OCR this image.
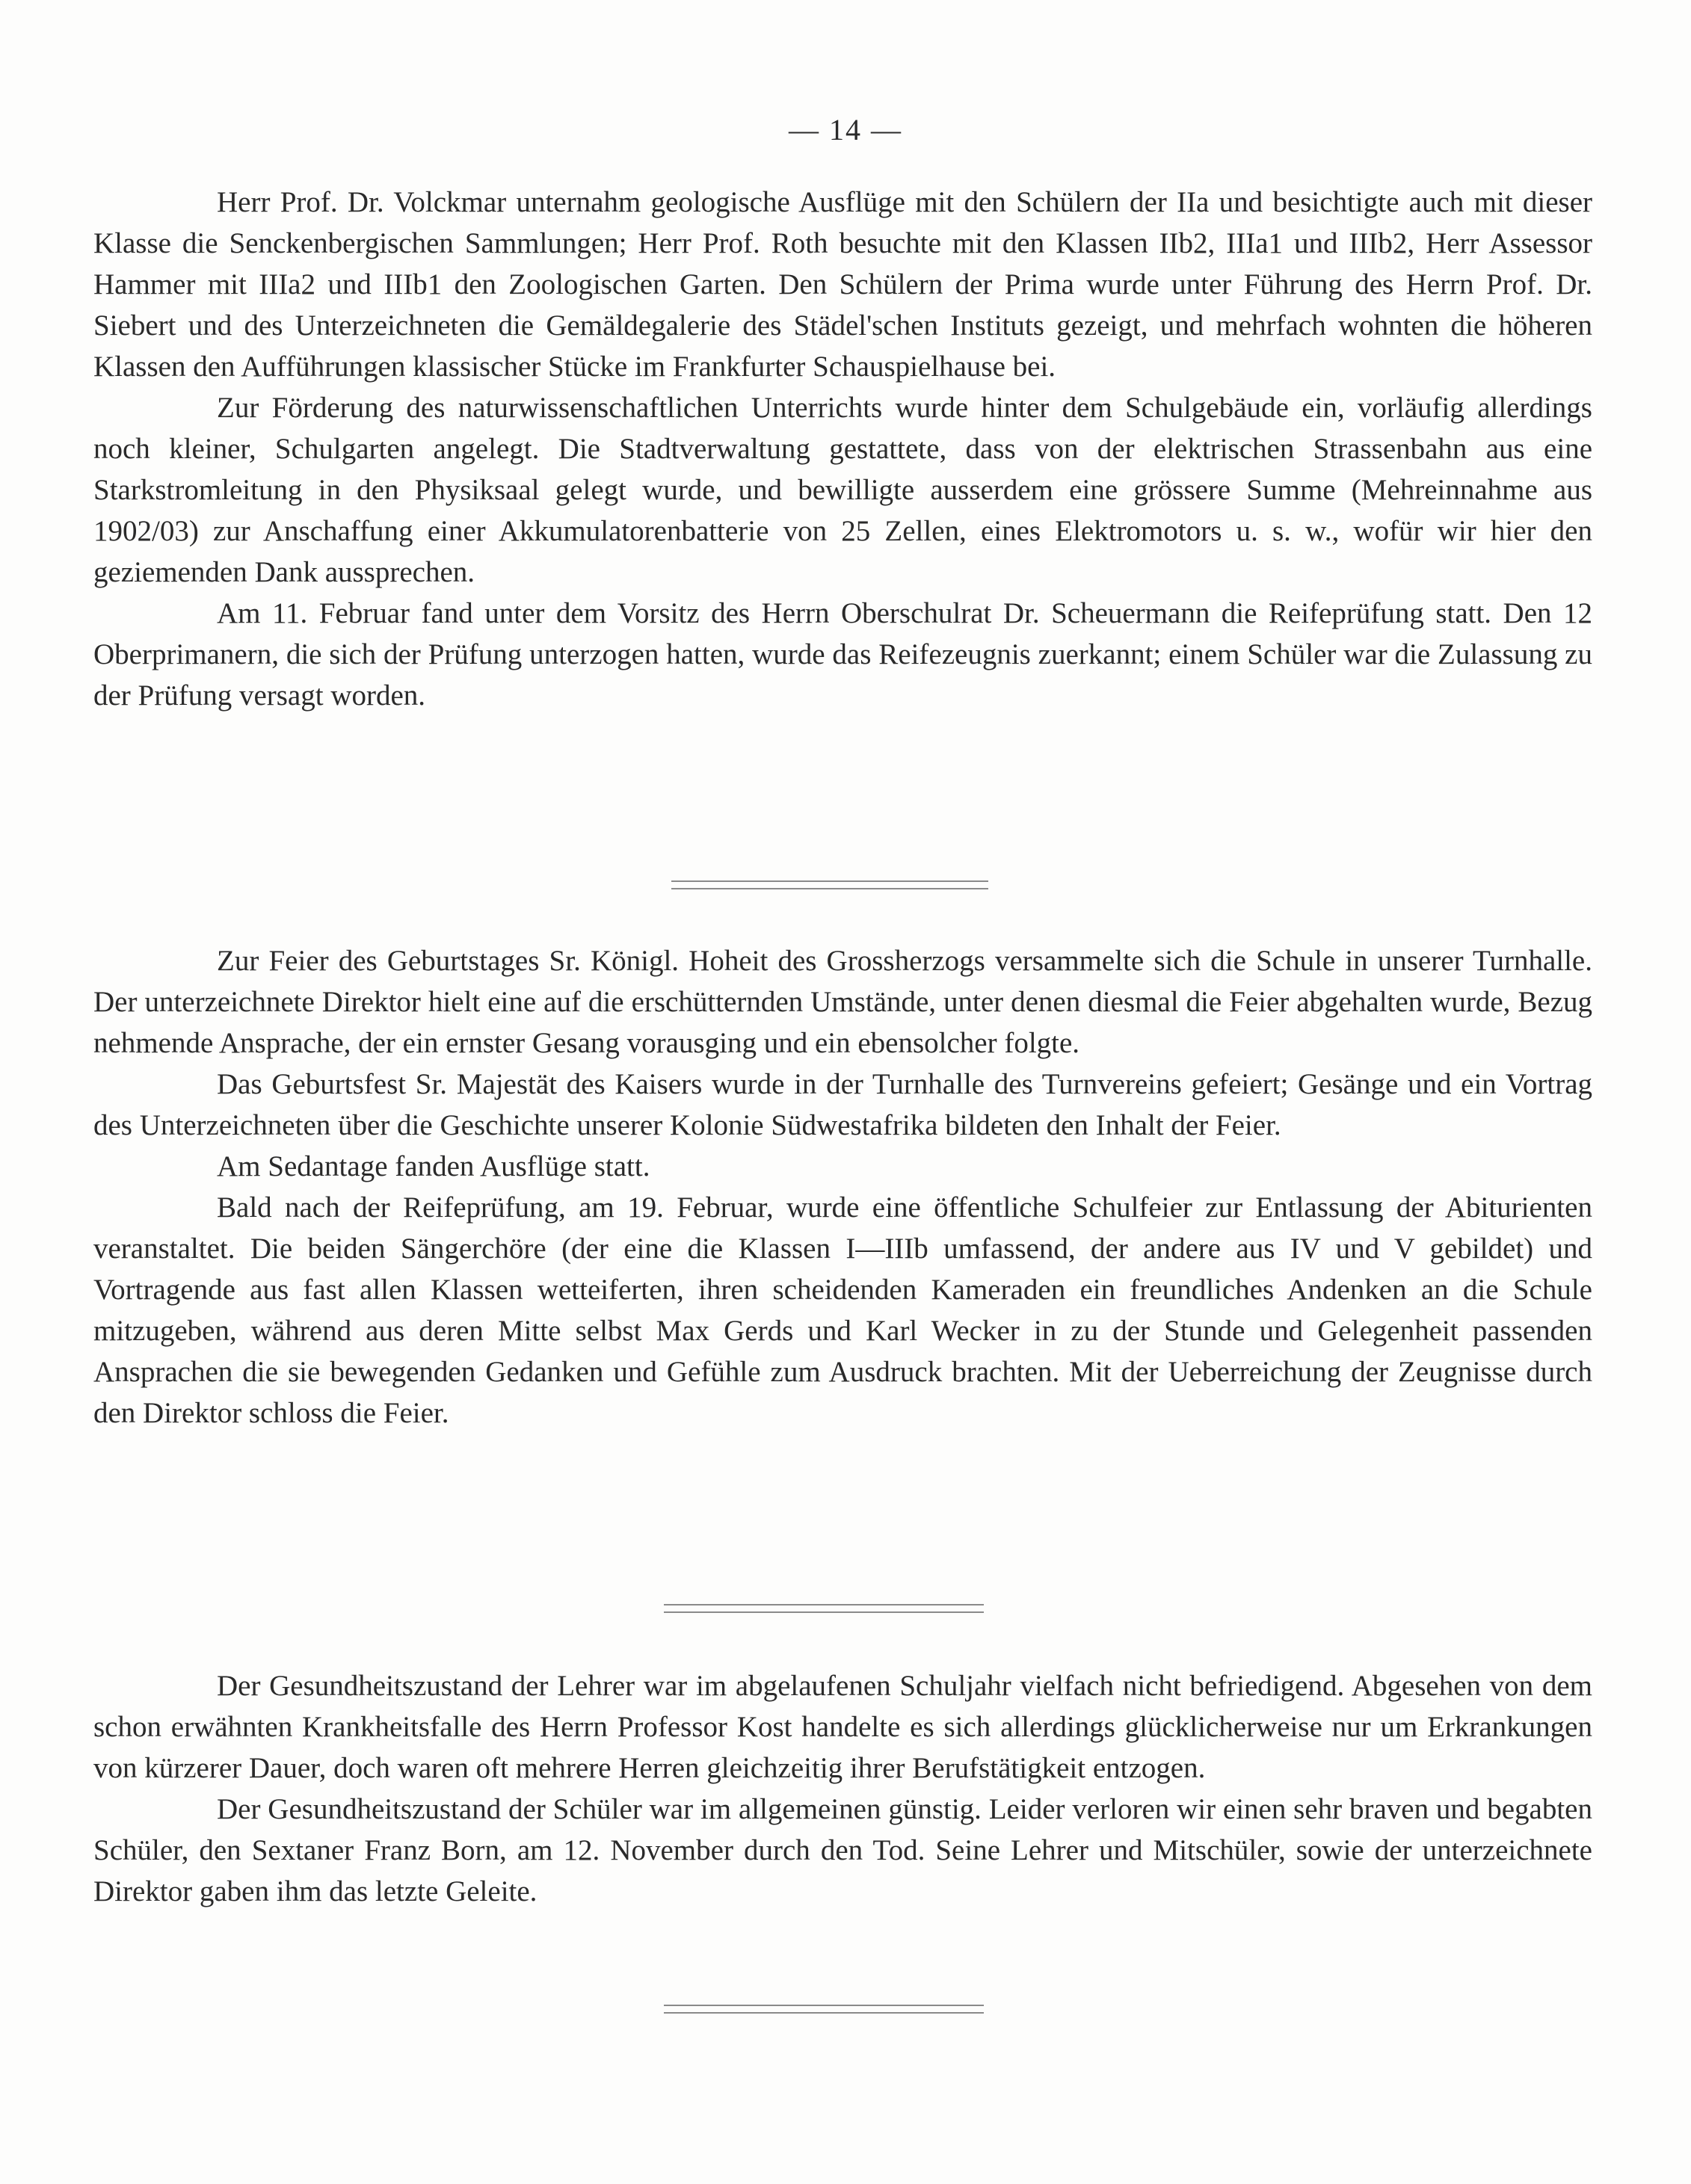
— 14 —

Herr Prof. Dr. Volckmar unternahm geologische Ausflüge mit den Schülern der IIa und besichtigte auch mit dieser Klasse die Senckenbergischen Sammlungen; Herr Prof. Roth besuchte mit den Klassen IIb2, IIIa1 und IIIb2, Herr Assessor Hammer mit IIIa2 und IIIb1 den Zoologischen Garten. Den Schülern der Prima wurde unter Führung des Herrn Prof. Dr. Siebert und des Unterzeichneten die Gemäldegalerie des Städel'schen Instituts gezeigt, und mehrfach wohnten die höheren Klassen den Aufführungen klassischer Stücke im Frankfurter Schauspielhause bei.

Zur Förderung des naturwissenschaftlichen Unterrichts wurde hinter dem Schulgebäude ein, vorläufig allerdings noch kleiner, Schulgarten angelegt. Die Stadtverwaltung gestattete, dass von der elektrischen Strassenbahn aus eine Starkstromleitung in den Physiksaal gelegt wurde, und bewilligte ausserdem eine grössere Summe (Mehreinnahme aus 1902/03) zur Anschaffung einer Akkumulatorenbatterie von 25 Zellen, eines Elektromotors u. s. w., wofür wir hier den geziemenden Dank aussprechen.

Am 11. Februar fand unter dem Vorsitz des Herrn Oberschulrat Dr. Scheuermann die Reifeprüfung statt. Den 12 Oberprimanern, die sich der Prüfung unterzogen hatten, wurde das Reifezeugnis zuerkannt; einem Schüler war die Zulassung zu der Prüfung versagt worden.

Zur Feier des Geburtstages Sr. Königl. Hoheit des Grossherzogs versammelte sich die Schule in unserer Turnhalle. Der unterzeichnete Direktor hielt eine auf die erschütternden Umstände, unter denen diesmal die Feier abgehalten wurde, Bezug nehmende Ansprache, der ein ernster Gesang vorausging und ein ebensolcher folgte.

Das Geburtsfest Sr. Majestät des Kaisers wurde in der Turnhalle des Turnvereins gefeiert; Gesänge und ein Vortrag des Unterzeichneten über die Geschichte unserer Kolonie Südwestafrika bildeten den Inhalt der Feier.

Am Sedantage fanden Ausflüge statt.

Bald nach der Reifeprüfung, am 19. Februar, wurde eine öffentliche Schulfeier zur Entlassung der Abiturienten veranstaltet. Die beiden Sängerchöre (der eine die Klassen I—IIIb umfassend, der andere aus IV und V gebildet) und Vortragende aus fast allen Klassen wetteiferten, ihren scheidenden Kameraden ein freundliches Andenken an die Schule mitzugeben, während aus deren Mitte selbst Max Gerds und Karl Wecker in zu der Stunde und Gelegenheit passenden Ansprachen die sie bewegenden Gedanken und Gefühle zum Ausdruck brachten. Mit der Ueberreichung der Zeugnisse durch den Direktor schloss die Feier.

Der Gesundheitszustand der Lehrer war im abgelaufenen Schuljahr vielfach nicht befriedigend. Abgesehen von dem schon erwähnten Krankheitsfalle des Herrn Professor Kost handelte es sich allerdings glücklicherweise nur um Erkrankungen von kürzerer Dauer, doch waren oft mehrere Herren gleichzeitig ihrer Berufstätigkeit entzogen.

Der Gesundheitszustand der Schüler war im allgemeinen günstig. Leider verloren wir einen sehr braven und begabten Schüler, den Sextaner Franz Born, am 12. November durch den Tod. Seine Lehrer und Mitschüler, sowie der unterzeichnete Direktor gaben ihm das letzte Geleite.
